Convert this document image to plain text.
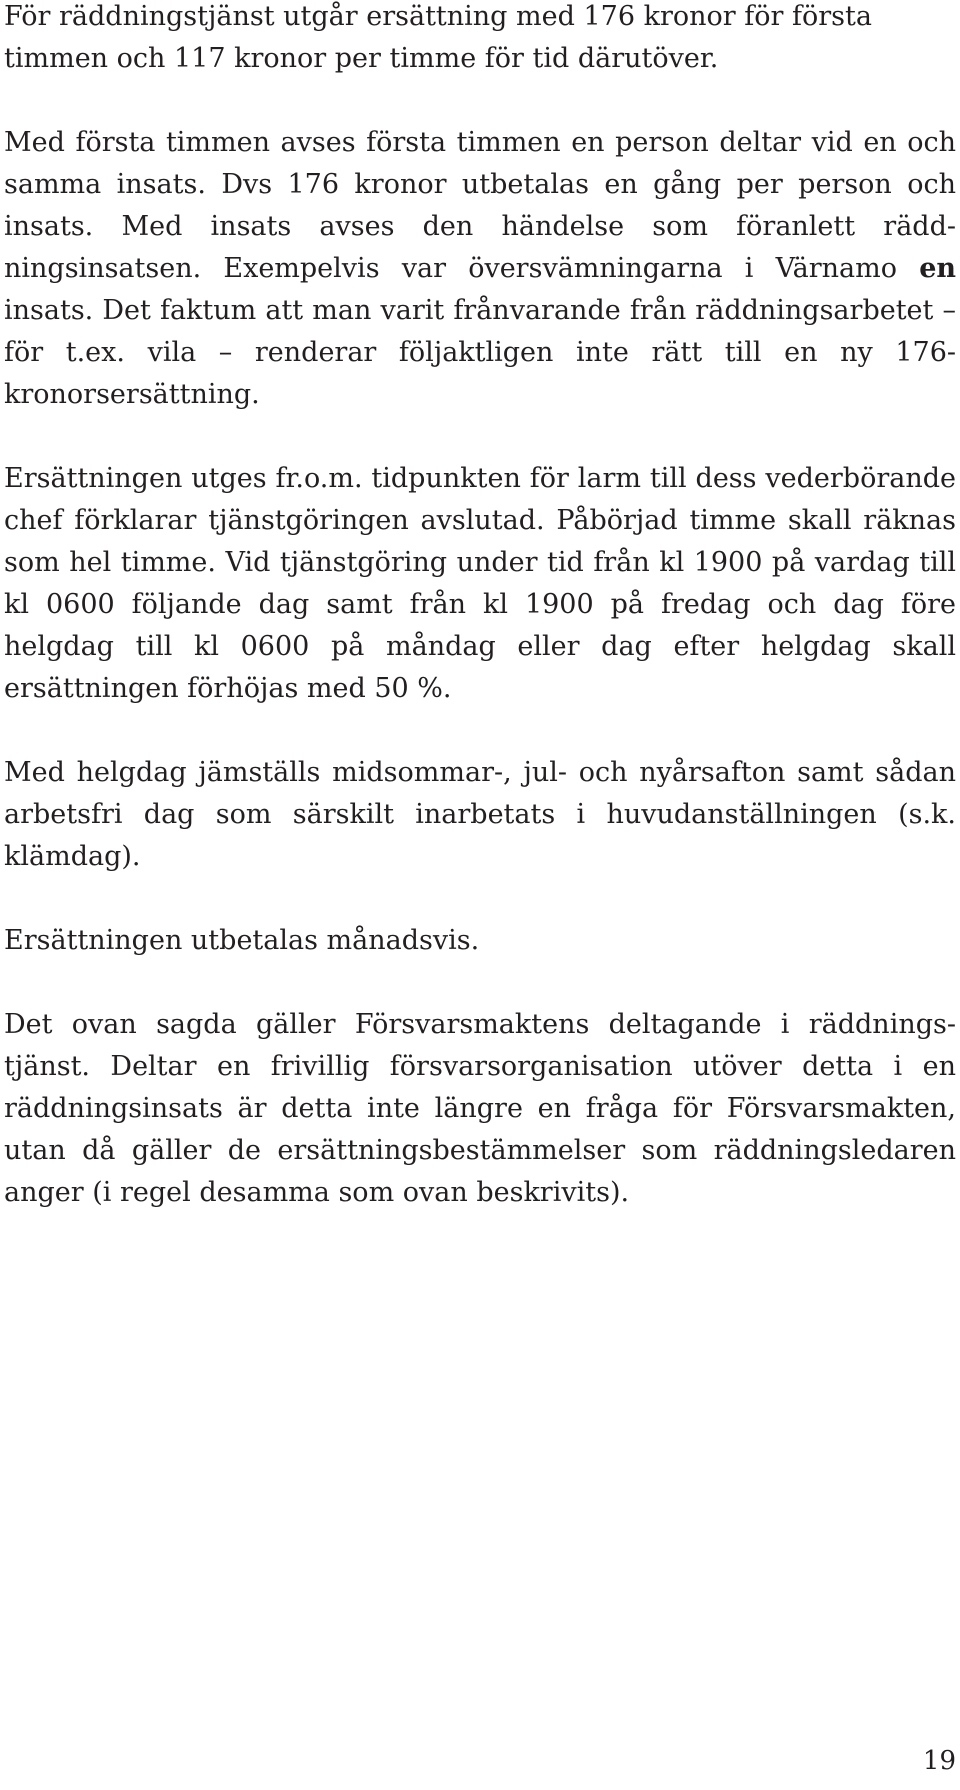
För räddningstjänst utgår ersättning med 176 kronor för första
timmen och 117 kronor per timme för tid därutöver.

Med första timmen avses första timmen en person deltar vid en och samma insats. Dvs 176 kronor utbetalas en gång per person och insats. Med insats avses den händelse som föranlett räddningsinsatsen. Exempelvis var översvämningarna i Värnamo en insats. Det faktum att man varit frånvarande från räddningsarbetet – för t.ex. vila – renderar följaktligen inte rätt till en ny 176-kronorsersättning.

Ersättningen utges fr.o.m. tidpunkten för larm till dess vederbörande chef förklarar tjänstgöringen avslutad. Påbörjad timme skall räknas som hel timme. Vid tjänstgöring under tid från kl 1900 på vardag till kl 0600 följande dag samt från kl 1900 på fredag och dag före helgdag till kl 0600 på måndag eller dag efter helgdag skall ersättningen förhöjas med 50 %.

Med helgdag jämställs midsommar-, jul- och nyårsafton samt sådan arbetsfri dag som särskilt inarbetats i huvudanställningen (s.k. klämdag).

Ersättningen utbetalas månadsvis.

Det ovan sagda gäller Försvarsmaktens deltagande i räddningstjänst. Deltar en frivillig försvarsorganisation utöver detta i en räddningsinsats är detta inte längre en fråga för Försvarsmakten, utan då gäller de ersättningsbestämmelser som räddningsledaren anger (i regel desamma som ovan beskrivits).

19
